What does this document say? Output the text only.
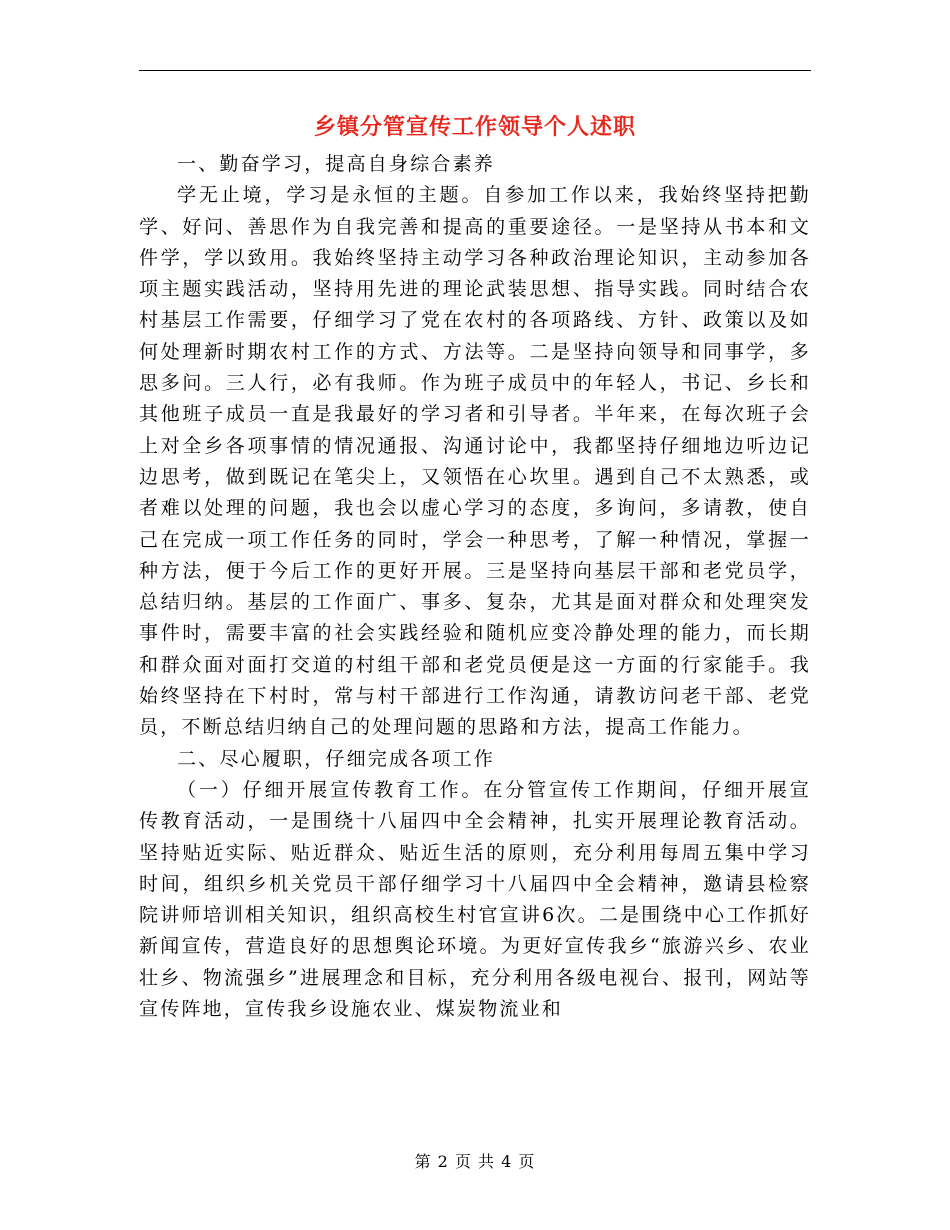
乡镇分管宣传工作领导个人述职

一、勤奋学习，提高自身综合素养

学无止境，学习是永恒的主题。自参加工作以来，我始终坚持把勤学、好问、善思作为自我完善和提高的重要途径。一是坚持从书本和文件学，学以致用。我始终坚持主动学习各种政治理论知识，主动参加各项主题实践活动，坚持用先进的理论武装思想、指导实践。同时结合农村基层工作需要，仔细学习了党在农村的各项路线、方针、政策以及如何处理新时期农村工作的方式、方法等。二是坚持向领导和同事学，多思多问。三人行，必有我师。作为班子成员中的年轻人，书记、乡长和其他班子成员一直是我最好的学习者和引导者。半年来，在每次班子会上对全乡各项事情的情况通报、沟通讨论中，我都坚持仔细地边听边记边思考，做到既记在笔尖上，又领悟在心坎里。遇到自己不太熟悉，或者难以处理的问题，我也会以虚心学习的态度，多询问，多请教，使自己在完成一项工作任务的同时，学会一种思考，了解一种情况，掌握一种方法，便于今后工作的更好开展。三是坚持向基层干部和老党员学，总结归纳。基层的工作面广、事多、复杂，尤其是面对群众和处理突发事件时，需要丰富的社会实践经验和随机应变冷静处理的能力，而长期和群众面对面打交道的村组干部和老党员便是这一方面的行家能手。我始终坚持在下村时，常与村干部进行工作沟通，请教访问老干部、老党员，不断总结归纳自己的处理问题的思路和方法，提高工作能力。

二、尽心履职，仔细完成各项工作

（一）仔细开展宣传教育工作。在分管宣传工作期间，仔细开展宣传教育活动，一是围绕十八届四中全会精神，扎实开展理论教育活动。坚持贴近实际、贴近群众、贴近生活的原则，充分利用每周五集中学习时间，组织乡机关党员干部仔细学习十八届四中全会精神，邀请县检察院讲师培训相关知识，组织高校生村官宣讲6次。二是围绕中心工作抓好新闻宣传，营造良好的思想舆论环境。为更好宣传我乡“旅游兴乡、农业壮乡、物流强乡”进展理念和目标，充分利用各级电视台、报刊，网站等宣传阵地，宣传我乡设施农业、煤炭物流业和

第 2 页 共 4 页
